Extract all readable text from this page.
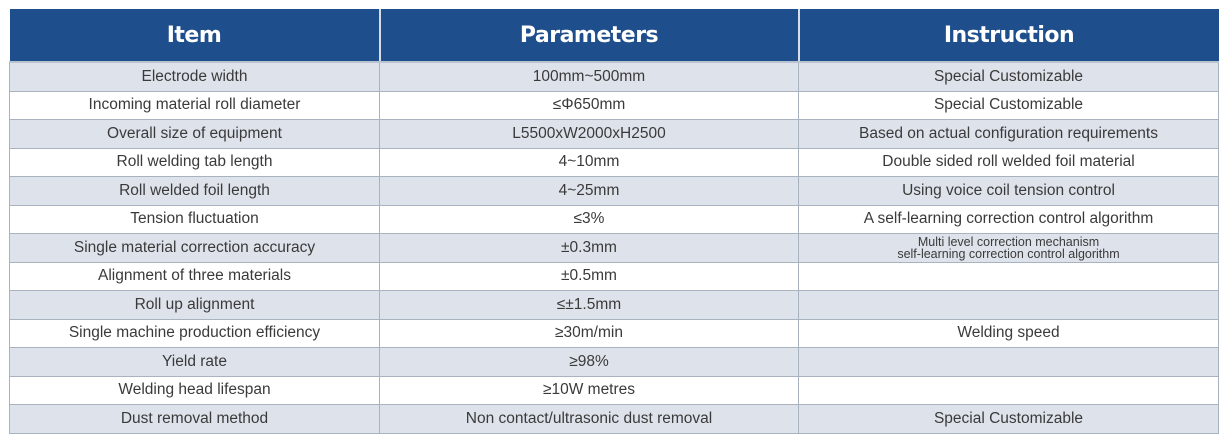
Item	Parameters	Instruction
Electrode width	100mm~500mm	Special Customizable
Incoming material roll diameter	≤Φ650mm	Special Customizable
Overall size of equipment	L5500xW2000xH2500	Based on actual configuration requirements
Roll welding tab length	4~10mm	Double sided roll welded foil material
Roll welded foil length	4~25mm	Using voice coil tension control
Tension fluctuation	≤3%	A self-learning correction control algorithm
Single material correction accuracy	±0.3mm	Multi level correction mechanism
self-learning correction control algorithm
Alignment of three materials	±0.5mm	
Roll up alignment	≤±1.5mm	
Single machine production efficiency	≥30m/min	Welding speed
Yield rate	≥98%	
Welding head lifespan	≥10W metres	
Dust removal method	Non contact/ultrasonic dust removal	Special Customizable
